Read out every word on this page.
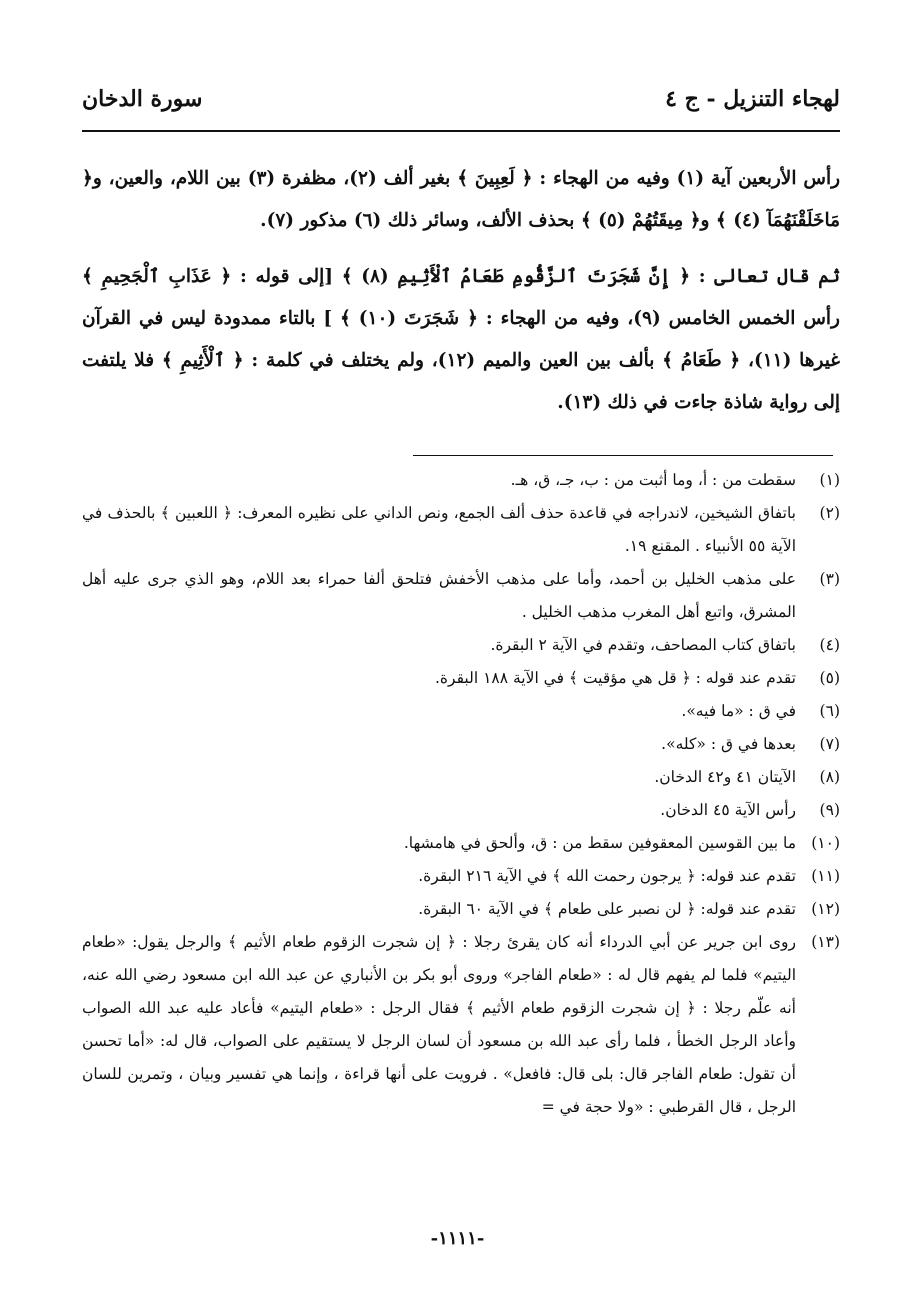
لهجاء التنزيل - ج ٤
سورة الدخان

رأس الأربعين آية (١) وفيه من الهجاء : ﴿ لَعِبِينَ ﴾ بغير ألف (٢)، مظفرة (٣) بين اللام، والعين، و﴿ مَاخَلَقْنَهُمَآ (٤) ﴾ و﴿ مِيقَتُهُمْ (٥) ﴾ بحذف الألف، وسائر ذلك (٦) مذكور (٧).

ثم قال تعالى : ﴿ إِنَّ شَجَرَتَ ٱلزَّقُّومِ طَعَامُ ٱلْأَثِيمِ (٨) ﴾ [إلى قوله : ﴿ عَذَابِ ٱلْجَحِيمِ ﴾ رأس الخمس الخامس (٩)، وفيه من الهجاء : ﴿ شَجَرَتَ (١٠) ﴾ ] بالتاء ممدودة ليس في القرآن غيرها (١١)، ﴿ طَعَامُ ﴾ بألف بين العين والميم (١٢)، ولم يختلف في كلمة : ﴿ ٱلْأَثِيمِ ﴾ فلا يلتفت إلى رواية شاذة جاءت في ذلك (١٣).

(١)
سقطت من : أ، وما أثبت من : ب، جـ، ق، هـ.
(٢)
باتفاق الشيخين، لاندراجه في قاعدة حذف ألف الجمع، ونص الداني على نظيره المعرف: ﴿ اللعبين ﴾ بالحذف في الآية ٥٥ الأنبياء . المقنع ١٩.
(٣)
على مذهب الخليل بن أحمد، وأما على مذهب الأخفش فتلحق ألفا حمراء بعد اللام، وهو الذي جرى عليه أهل المشرق، واتبع أهل المغرب مذهب الخليل .
(٤)
باتفاق كتاب المصاحف، وتقدم في الآية ٢ البقرة.
(٥)
تقدم عند قوله : ﴿ قل هي مؤقيت ﴾ في الآية ١٨٨ البقرة.
(٦)
في ق : «ما فيه».
(٧)
بعدها في ق : «كله».
(٨)
الآيتان ٤١ و٤٢ الدخان.
(٩)
رأس الآية ٤٥ الدخان.
(١٠)
ما بين القوسين المعقوفين سقط من : ق، وألحق في هامشها.
(١١)
تقدم عند قوله: ﴿ يرجون رحمت الله ﴾ في الآية ٢١٦ البقرة.
(١٢)
تقدم عند قوله: ﴿ لن نصبر على طعام ﴾ في الآية ٦٠ البقرة.
(١٣)
روى ابن جرير عن أبي الدرداء أنه كان يقرئ رجلا : ﴿ إن شجرت الزقوم طعام الأثيم ﴾ والرجل يقول: «طعام اليتيم» فلما لم يفهم قال له : «طعام الفاجر» وروى أبو بكر بن الأنباري عن عبد الله ابن مسعود رضي الله عنه، أنه علّم رجلا : ﴿ إن شجرت الزقوم طعام الأثيم ﴾ فقال الرجل : «طعام اليتيم» فأعاد عليه عبد الله الصواب وأعاد الرجل الخطأ ، فلما رأى عبد الله بن مسعود أن لسان الرجل لا يستقيم على الصواب، قال له: «أما تحسن أن تقول: طعام الفاجر قال: بلى قال: فافعل» . فرويت على أنها قراءة ، وإنما هي تفسير وبيان ، وتمرين للسان الرجل ، قال القرطبي : «ولا حجة في =
-١١١١-
